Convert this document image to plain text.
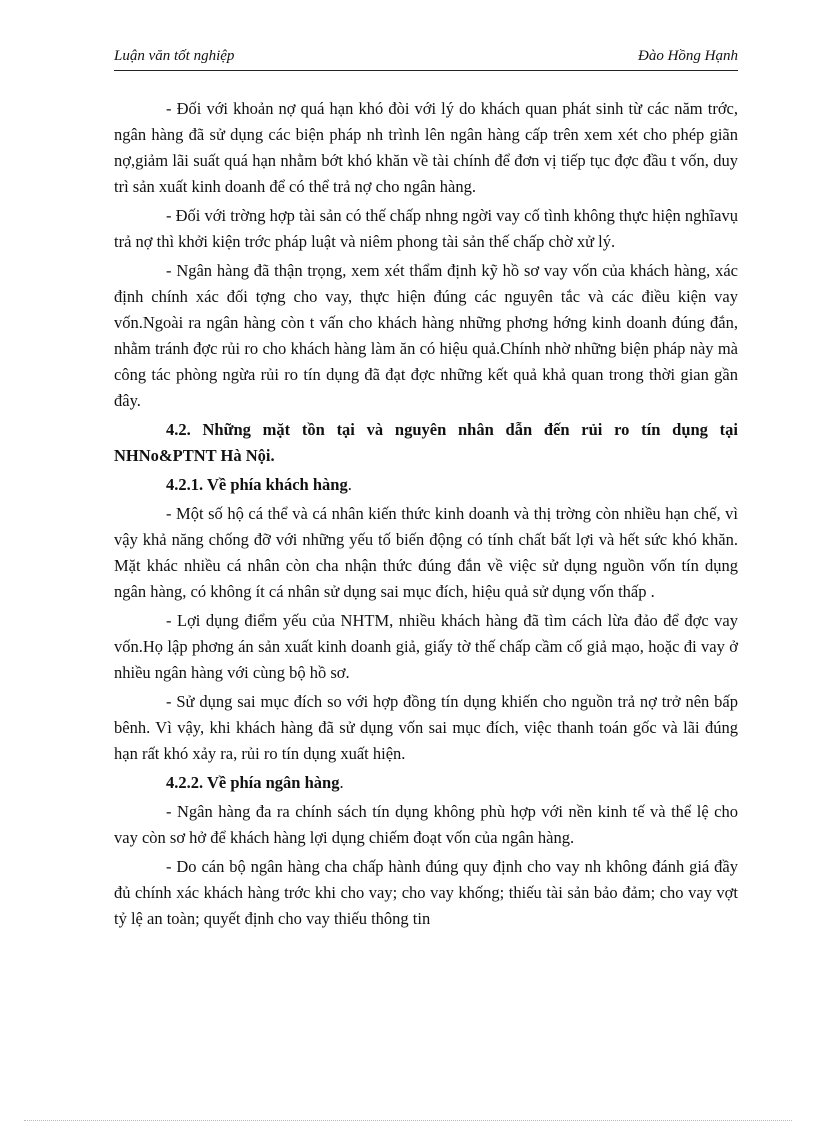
Luận văn tốt nghiệp	Đào Hồng Hạnh

- Đối với khoản nợ quá hạn khó đòi với lý do khách quan phát sinh từ các năm trớc, ngân hàng đã sử dụng các biện pháp nh trình lên ngân hàng cấp trên xem xét cho phép giãn nợ,giảm lãi suất quá hạn nhằm bớt khó khăn về tài chính để đơn vị tiếp tục đợc đầu t vốn, duy trì sản xuất kinh doanh để có thể trả nợ cho ngân hàng.

- Đối với trờng hợp tài sản có thế chấp nhng ngời vay cố tình không thực hiện nghĩavụ trả nợ thì khởi kiện trớc pháp luật và niêm phong tài sản thế chấp chờ xử lý.

- Ngân hàng đã thận trọng, xem xét thẩm định kỹ hồ sơ vay vốn của khách hàng, xác định chính xác đối tợng cho vay, thực hiện đúng các nguyên tắc và các điều kiện vay vốn.Ngoài ra ngân hàng còn t vấn cho khách hàng những phơng hớng kinh doanh đúng đắn, nhằm tránh đợc rủi ro cho khách hàng làm ăn có hiệu quả.Chính nhờ những biện pháp này mà công tác phòng ngừa rủi ro tín dụng đã đạt đợc những kết quả khả quan trong thời gian gần đây.

4.2. Những mặt tồn tại và nguyên nhân dẫn đến rủi ro tín dụng tại NHNo&PTNT Hà Nội.

4.2.1. Về phía khách hàng.

- Một số hộ cá thể và cá nhân kiến thức kinh doanh và thị trờng còn nhiều hạn chế, vì vậy khả năng chống đỡ với những yếu tố biến động có tính chất bất lợi và hết sức khó khăn. Mặt khác nhiều cá nhân còn cha nhận thức đúng đắn về việc sử dụng nguồn vốn tín dụng ngân hàng, có không ít cá nhân sử dụng sai mục đích, hiệu quả sử dụng vốn thấp .

- Lợi dụng điểm yếu của NHTM, nhiều khách hàng đã tìm cách lừa đảo để đợc vay vốn.Họ lập phơng án sản xuất kinh doanh giả, giấy tờ thế chấp cầm cố giả mạo, hoặc đi vay ở nhiều ngân hàng với cùng bộ hồ sơ.

- Sử dụng sai mục đích so với hợp đồng tín dụng khiến cho nguồn trả nợ trở nên bấp bênh. Vì vậy, khi khách hàng đã sử dụng vốn sai mục đích, việc thanh toán gốc và lãi đúng hạn rất khó xảy ra, rủi ro tín dụng xuất hiện.

4.2.2. Về phía ngân hàng.

- Ngân hàng đa ra chính sách tín dụng không phù hợp với nền kinh tế và thể lệ cho vay còn sơ hở để khách hàng lợi dụng chiếm đoạt vốn của ngân hàng.

- Do cán bộ ngân hàng cha chấp hành đúng quy định cho vay nh không đánh giá đầy đủ chính xác khách hàng trớc khi cho vay; cho vay khống; thiếu tài sản bảo đảm; cho vay vợt tỷ lệ an toàn; quyết định cho vay thiếu thông tin
